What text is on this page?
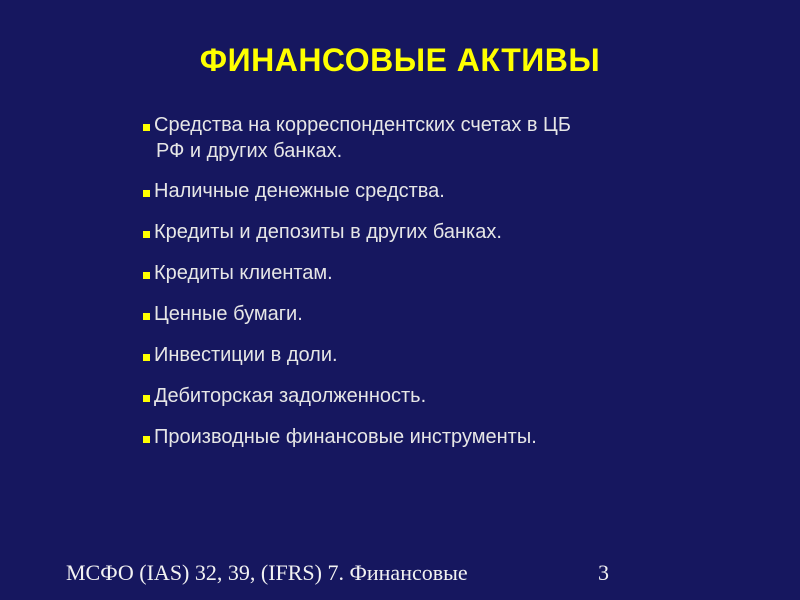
ФИНАНСОВЫЕ АКТИВЫ
Средства на корреспондентских счетах в ЦБ
РФ и других банках.
Наличные денежные средства.
Кредиты и депозиты в других банках.
Кредиты клиентам.
Ценные бумаги.
Инвестиции в доли.
Дебиторская задолженность.
Производные финансовые инструменты.
МСФО (IAS) 32, 39, (IFRS) 7. Финансовые	3
